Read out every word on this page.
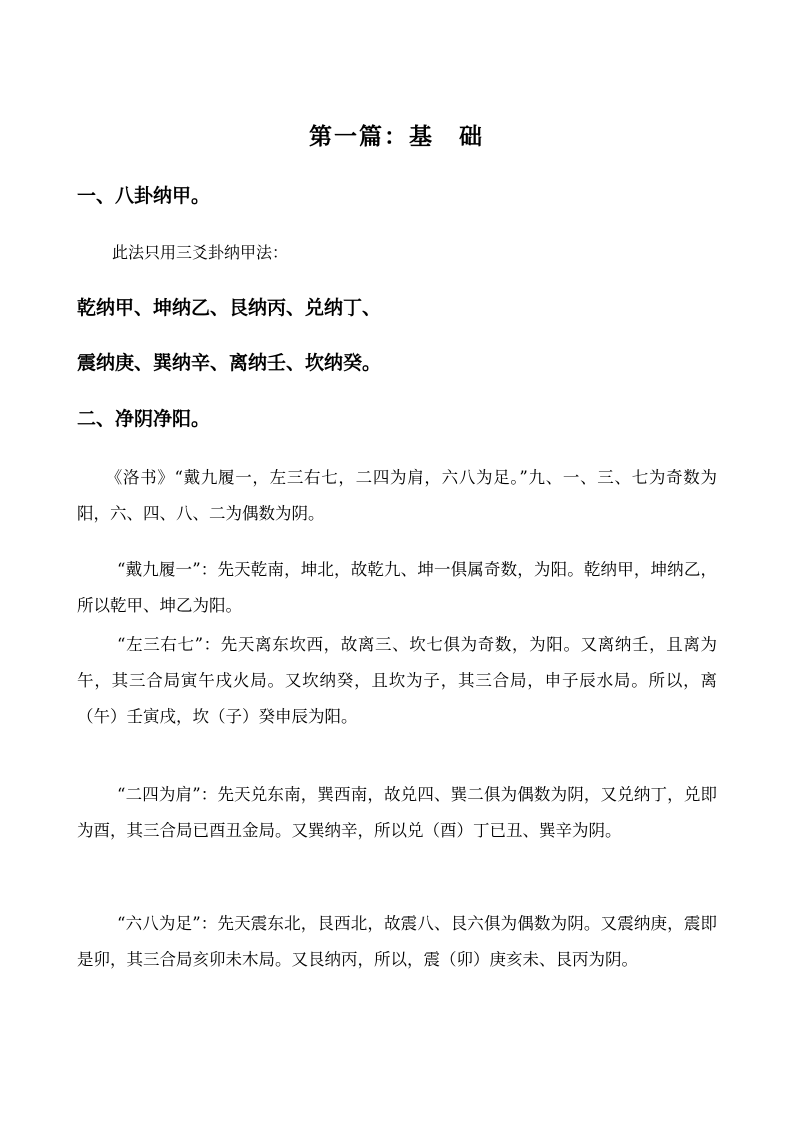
第一篇：基　础
一、八卦纳甲。
此法只用三爻卦纳甲法：
乾纳甲、坤纳乙、艮纳丙、兑纳丁、
震纳庚、巽纳辛、离纳壬、坎纳癸。
二、净阴净阳。
《洛书》“戴九履一，左三右七，二四为肩，六八为足。”九、一、三、七为奇数为阳，六、四、八、二为偶数为阴。
“戴九履一”：先天乾南，坤北，故乾九、坤一俱属奇数，为阳。乾纳甲，坤纳乙，所以乾甲、坤乙为阳。
“左三右七”：先天离东坎西，故离三、坎七俱为奇数，为阳。又离纳壬，且离为午，其三合局寅午戌火局。又坎纳癸，且坎为子，其三合局，申子辰水局。所以，离（午）壬寅戌，坎（子）癸申辰为阳。
“二四为肩”：先天兑东南，巽西南，故兑四、巽二俱为偶数为阴，又兑纳丁，兑即为酉，其三合局已酉丑金局。又巽纳辛，所以兑（酉）丁已丑、巽辛为阴。
“六八为足”：先天震东北，艮西北，故震八、艮六俱为偶数为阴。又震纳庚，震即是卯，其三合局亥卯未木局。又艮纳丙，所以，震（卯）庚亥未、艮丙为阴。
